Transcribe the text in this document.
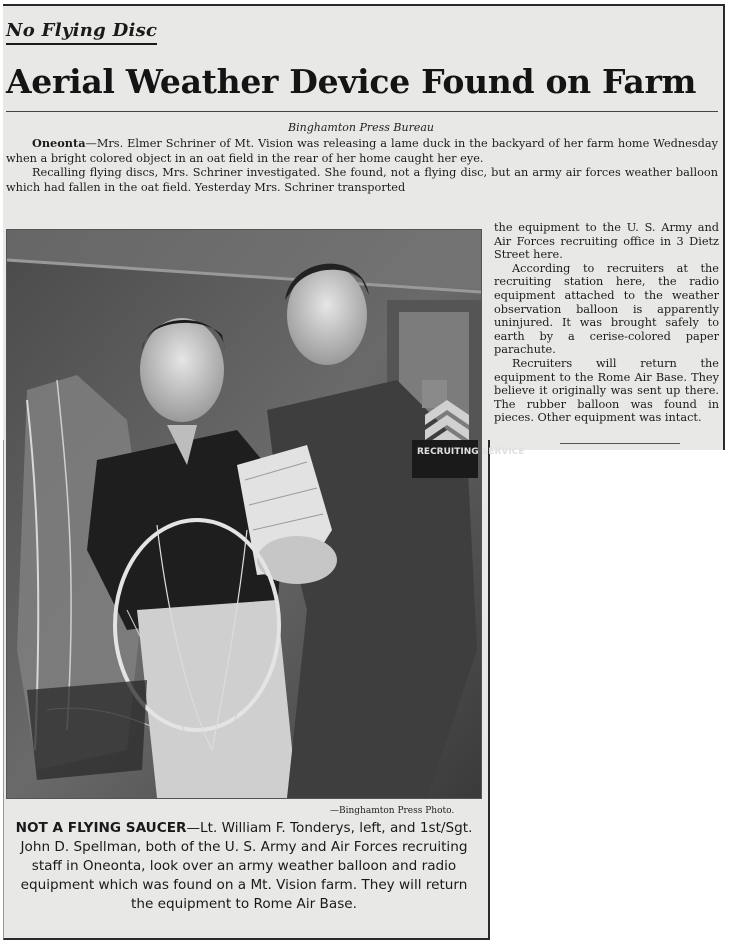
No Flying Disc
Aerial Weather Device Found on Farm
Binghamton Press Bureau

Oneonta—Mrs. Elmer Schriner of Mt. Vision was releasing a lame duck in the backyard of her farm home Wednesday when a bright colored object in an oat field in the rear of her home caught her eye.

Recalling flying discs, Mrs. Schriner investigated. She found, not a flying disc, but an army air forces weather balloon which had fallen in the oat field. Yesterday Mrs. Schriner transported

the equipment to the U. S. Army and Air Forces recruiting office in 3 Dietz Street here.

According to recruiters at the recruiting station here, the radio equipment attached to the weather observation balloon is apparently uninjured. It was brought safely to earth by a cerise-colored paper parachute.

Recruiters will return the equipment to the Rome Air Base. They believe it originally was sent up there. The rubber balloon was found in pieces. Other equipment was intact.

RECRUITING SERVICE
—Binghamton Press Photo.

NOT A FLYING SAUCER—Lt. William F. Tonderys, left, and 1st/Sgt. John D. Spellman, both of the U. S. Army and Air Forces recruiting staff in Oneonta, look over an army weather balloon and radio equipment which was found on a Mt. Vision farm. They will return the equipment to Rome Air Base.
